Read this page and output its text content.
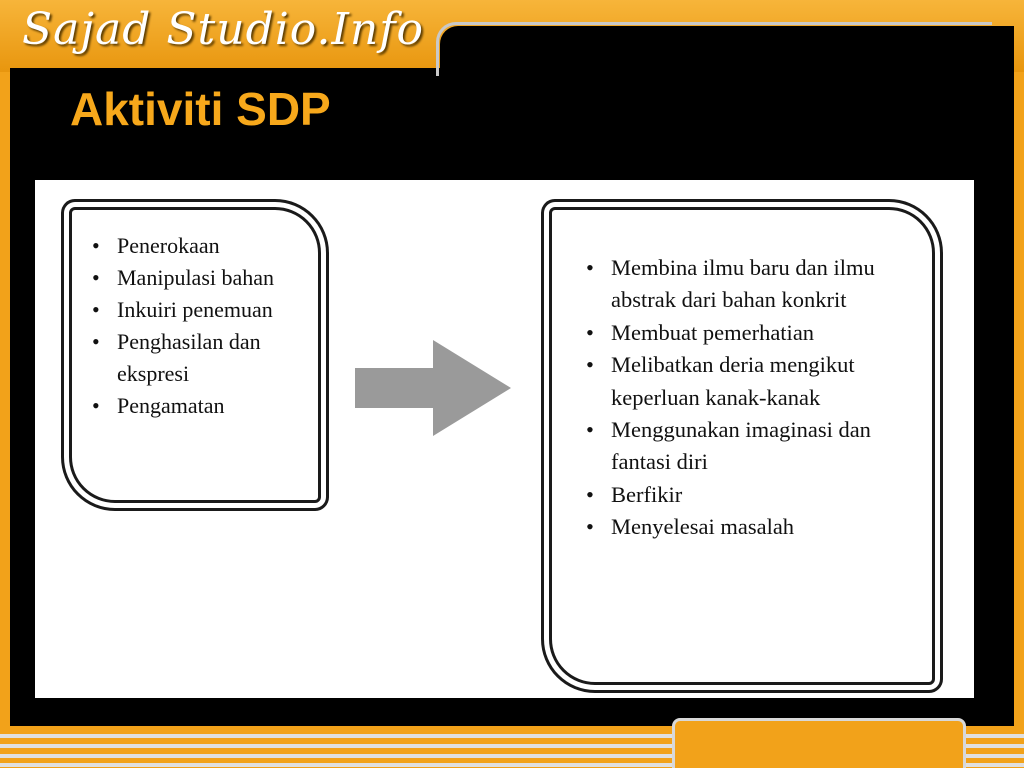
Sajad Studio.Info
Aktiviti SDP
• Penerokaan
• Manipulasi bahan
• Inkuiri penemuan
• Penghasilan dan ekspresi
• Pengamatan
• Membina ilmu baru dan ilmu abstrak dari bahan konkrit
• Membuat pemerhatian
• Melibatkan deria mengikut keperluan kanak-kanak
• Menggunakan imaginasi dan fantasi diri
• Berfikir
• Menyelesai masalah
